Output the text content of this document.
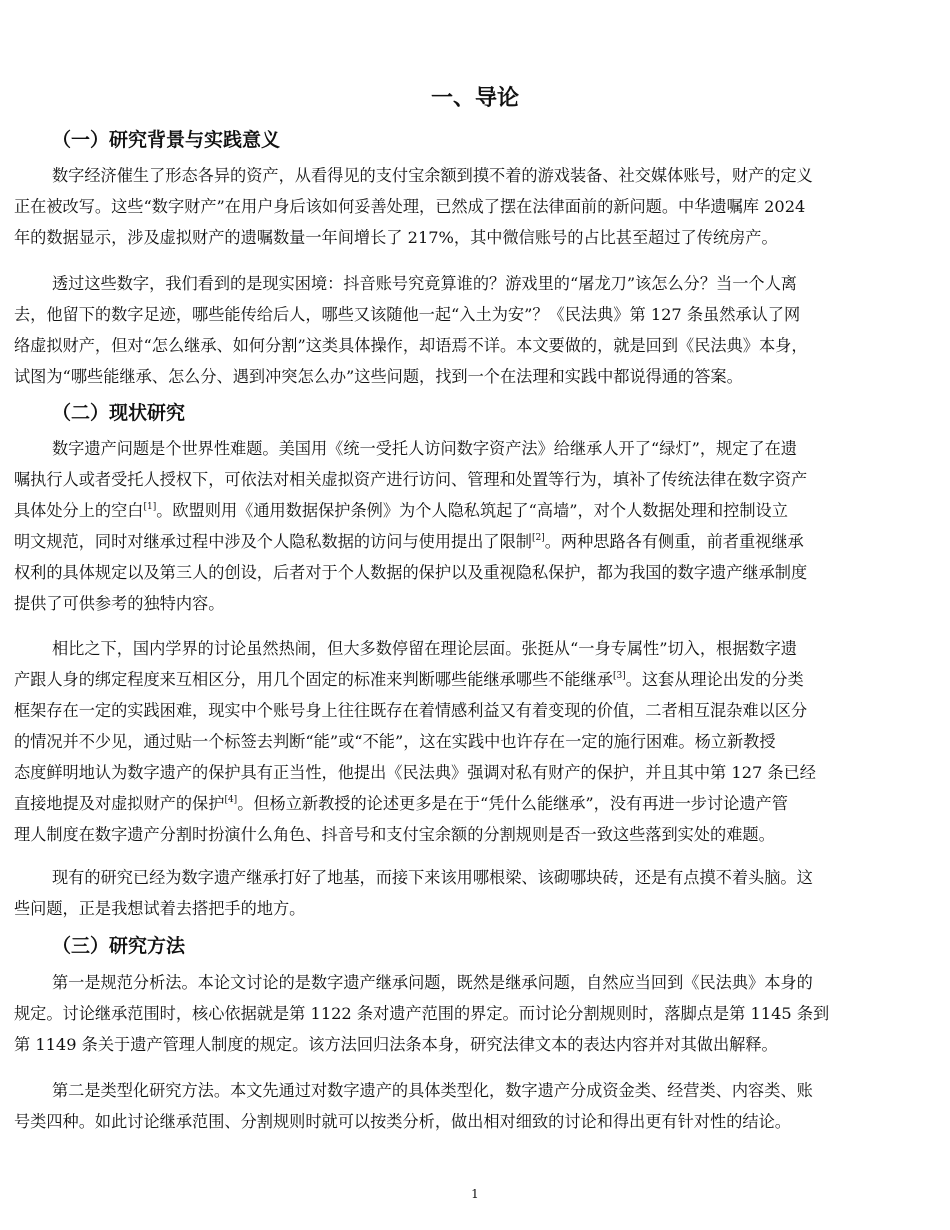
一、导论
（一）研究背景与实践意义
数字经济催生了形态各异的资产，从看得见的支付宝余额到摸不着的游戏装备、社交媒体账号，财产的定义
正在被改写。这些“数字财产”在用户身后该如何妥善处理，已然成了摆在法律面前的新问题。中华遗嘱库 2024
年的数据显示，涉及虚拟财产的遗嘱数量一年间增长了 217%，其中微信账号的占比甚至超过了传统房产。
透过这些数字，我们看到的是现实困境：抖音账号究竟算谁的？游戏里的“屠龙刀”该怎么分？当一个人离
去，他留下的数字足迹，哪些能传给后人，哪些又该随他一起“入土为安”？《民法典》第 127 条虽然承认了网
络虚拟财产，但对“怎么继承、如何分割”这类具体操作，却语焉不详。本文要做的，就是回到《民法典》本身，
试图为“哪些能继承、怎么分、遇到冲突怎么办”这些问题，找到一个在法理和实践中都说得通的答案。
（二）现状研究
数字遗产问题是个世界性难题。美国用《统一受托人访问数字资产法》给继承人开了“绿灯”，规定了在遗
嘱执行人或者受托人授权下，可依法对相关虚拟资产进行访问、管理和处置等行为，填补了传统法律在数字资产
具体处分上的空白[1]。欧盟则用《通用数据保护条例》为个人隐私筑起了“高墙”，对个人数据处理和控制设立
明文规范，同时对继承过程中涉及个人隐私数据的访问与使用提出了限制[2]。两种思路各有侧重，前者重视继承
权利的具体规定以及第三人的创设，后者对于个人数据的保护以及重视隐私保护，都为我国的数字遗产继承制度
提供了可供参考的独特内容。
相比之下，国内学界的讨论虽然热闹，但大多数停留在理论层面。张挺从“一身专属性”切入，根据数字遗
产跟人身的绑定程度来互相区分，用几个固定的标准来判断哪些能继承哪些不能继承[3]。这套从理论出发的分类
框架存在一定的实践困难，现实中个账号身上往往既存在着情感利益又有着变现的价值，二者相互混杂难以区分
的情况并不少见，通过贴一个标签去判断“能”或“不能”，这在实践中也许存在一定的施行困难。杨立新教授
态度鲜明地认为数字遗产的保护具有正当性，他提出《民法典》强调对私有财产的保护，并且其中第 127 条已经
直接地提及对虚拟财产的保护[4]。但杨立新教授的论述更多是在于“凭什么能继承”，没有再进一步讨论遗产管
理人制度在数字遗产分割时扮演什么角色、抖音号和支付宝余额的分割规则是否一致这些落到实处的难题。
现有的研究已经为数字遗产继承打好了地基，而接下来该用哪根梁、该砌哪块砖，还是有点摸不着头脑。这
些问题，正是我想试着去搭把手的地方。
（三）研究方法
第一是规范分析法。本论文讨论的是数字遗产继承问题，既然是继承问题，自然应当回到《民法典》本身的
规定。讨论继承范围时，核心依据就是第 1122 条对遗产范围的界定。而讨论分割规则时，落脚点是第 1145 条到
第 1149 条关于遗产管理人制度的规定。该方法回归法条本身，研究法律文本的表达内容并对其做出解释。
第二是类型化研究方法。本文先通过对数字遗产的具体类型化，数字遗产分成资金类、经营类、内容类、账
号类四种。如此讨论继承范围、分割规则时就可以按类分析，做出相对细致的讨论和得出更有针对性的结论。
1
